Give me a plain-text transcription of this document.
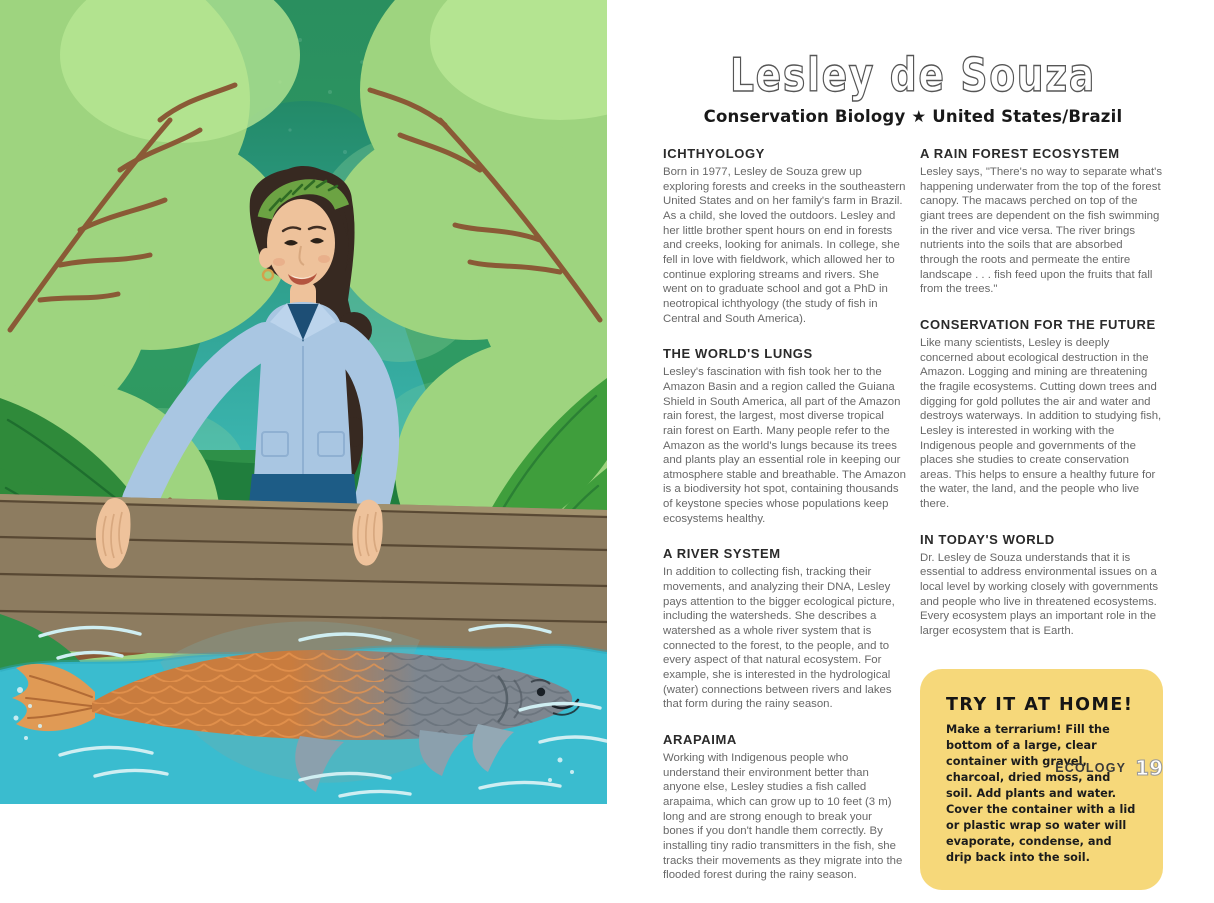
Lesley de Souza
Conservation Biology ★ United States/Brazil
ICHTHYOLOGY

Born in 1977, Lesley de Souza grew up exploring forests and creeks in the southeastern United States and on her family's farm in Brazil. As a child, she loved the outdoors. Lesley and her little brother spent hours on end in forests and creeks, looking for animals. In college, she fell in love with fieldwork, which allowed her to continue exploring streams and rivers. She went on to graduate school and got a PhD in neotropical ichthyology (the study of fish in Central and South America).

THE WORLD'S LUNGS

Lesley's fascination with fish took her to the Amazon Basin and a region called the Guiana Shield in South America, all part of the Amazon rain forest, the largest, most diverse tropical rain forest on Earth. Many people refer to the Amazon as the world's lungs because its trees and plants play an essential role in keeping our atmosphere stable and breathable. The Amazon is a biodiversity hot spot, containing thousands of keystone species whose populations keep ecosystems healthy.

A RIVER SYSTEM

In addition to collecting fish, tracking their movements, and analyzing their DNA, Lesley pays attention to the bigger ecological picture, including the watersheds. She describes a watershed as a whole river system that is connected to the forest, to the people, and to every aspect of that natural ecosystem. For example, she is interested in the hydrological (water) connections between rivers and lakes that form during the rainy season.

ARAPAIMA

Working with Indigenous people who understand their environment better than anyone else, Lesley studies a fish called arapaima, which can grow up to 10 feet (3 m) long and are strong enough to break your bones if you don't handle them correctly. By installing tiny radio transmitters in the fish, she tracks their movements as they migrate into the flooded forest during the rainy season.

A RAIN FOREST ECOSYSTEM

Lesley says, "There's no way to separate what's happening underwater from the top of the forest canopy. The macaws perched on top of the giant trees are dependent on the fish swimming in the river and vice versa. The river brings nutrients into the soils that are absorbed through the roots and permeate the entire landscape . . . fish feed upon the fruits that fall from the trees."

CONSERVATION FOR THE FUTURE

Like many scientists, Lesley is deeply concerned about ecological destruction in the Amazon. Logging and mining are threatening the fragile ecosystems. Cutting down trees and digging for gold pollutes the air and water and destroys waterways. In addition to studying fish, Lesley is interested in working with the Indigenous people and governments of the places she studies to create conservation areas. This helps to ensure a healthy future for the water, the land, and the people who live there.

IN TODAY'S WORLD

Dr. Lesley de Souza understands that it is essential to address environmental issues on a local level by working closely with governments and people who live in threatened ecosystems. Every ecosystem plays an important role in the larger ecosystem that is Earth.

TRY IT AT HOME!

Make a terrarium! Fill the bottom of a large, clear container with gravel, charcoal, dried moss, and soil. Add plants and water. Cover the container with a lid or plastic wrap so water will evaporate, condense, and drip back into the soil.

ECOLOGY 19
